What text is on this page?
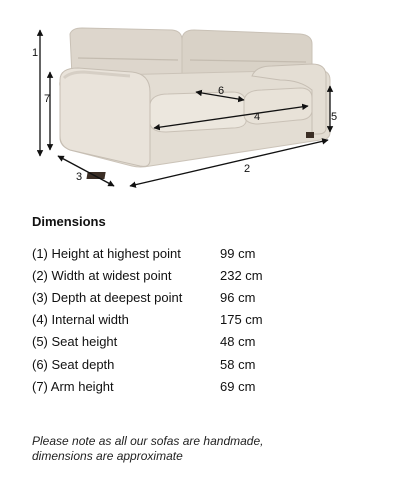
1
2
3
4	5
6
7
Dimensions
(1) Height at highest point	99 cm
(2) Width at widest point	232 cm
(3) Depth at deepest point	96 cm
(4) Internal width	175 cm
(5) Seat height	48 cm
(6) Seat depth	58 cm
(7) Arm height	69 cm

Please note as all our sofas are handmade,
dimensions are approximate
